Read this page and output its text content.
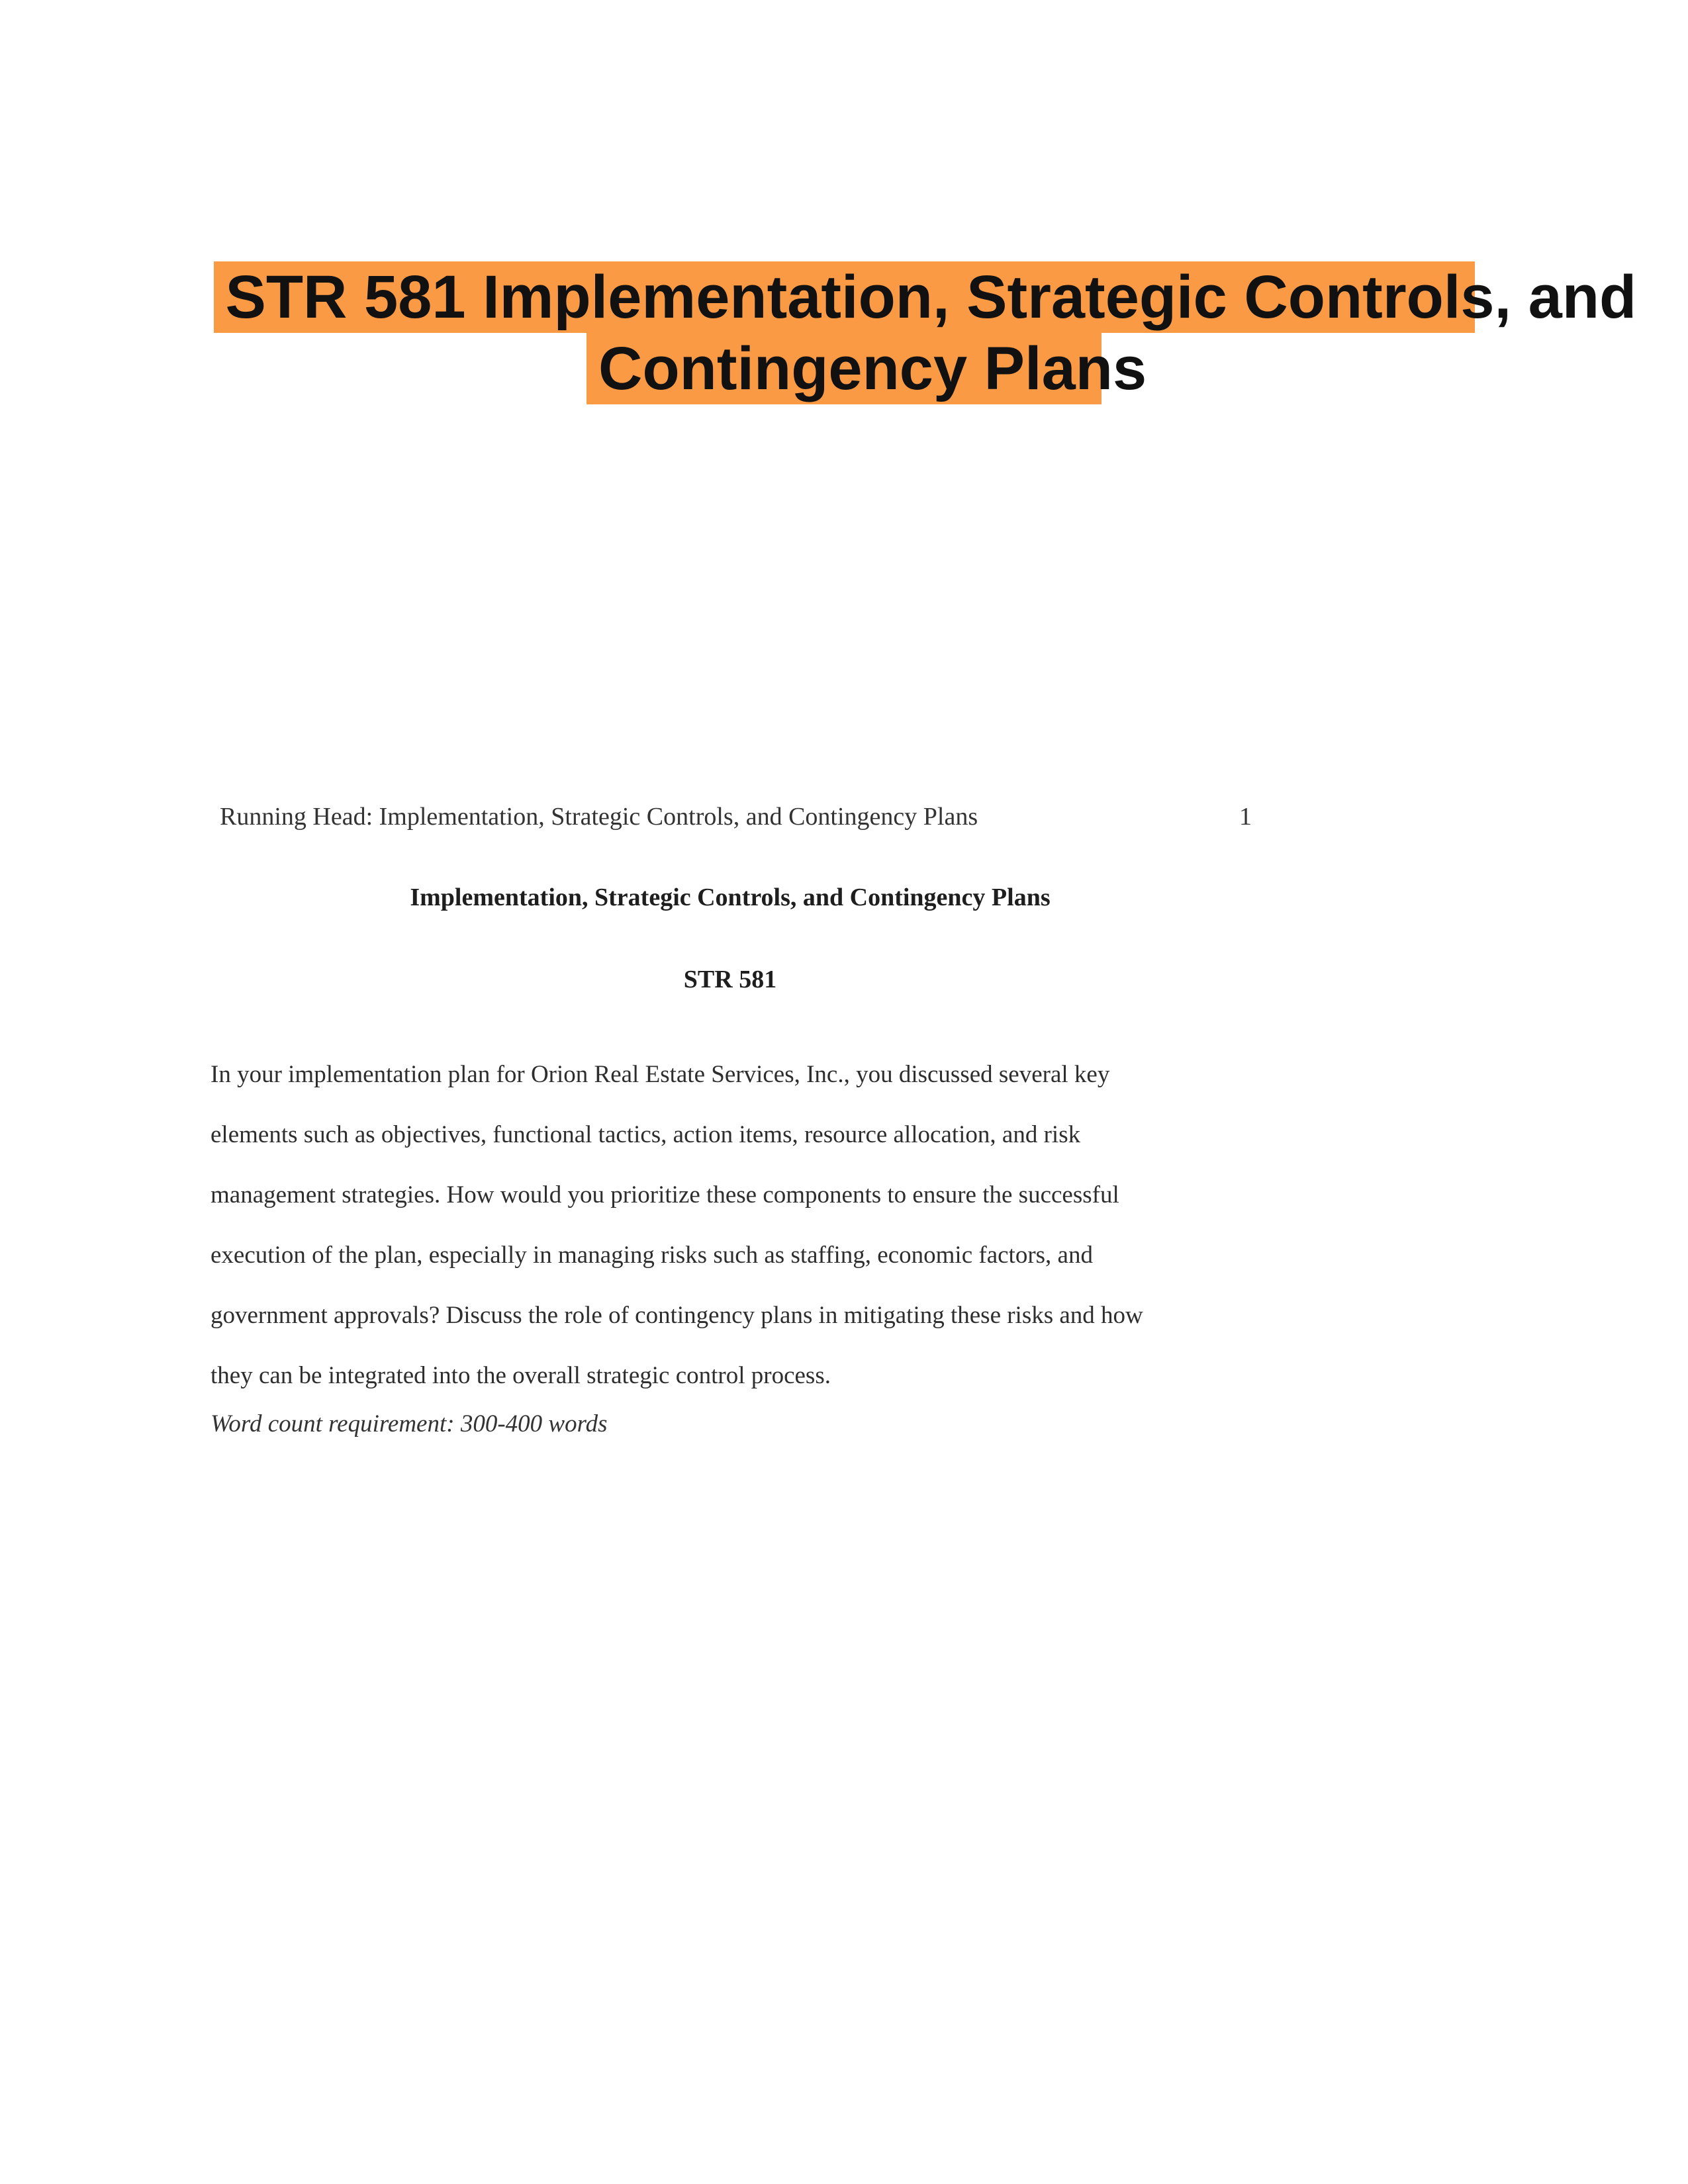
STR 581 Implementation, Strategic Controls, and
Contingency Plans
Running Head: Implementation, Strategic Controls, and Contingency Plans	1
Implementation, Strategic Controls, and Contingency Plans
STR 581
In your implementation plan for Orion Real Estate Services, Inc., you discussed several key
elements such as objectives, functional tactics, action items, resource allocation, and risk
management strategies. How would you prioritize these components to ensure the successful
execution of the plan, especially in managing risks such as staffing, economic factors, and
government approvals? Discuss the role of contingency plans in mitigating these risks and how
they can be integrated into the overall strategic control process.
Word count requirement: 300-400 words
